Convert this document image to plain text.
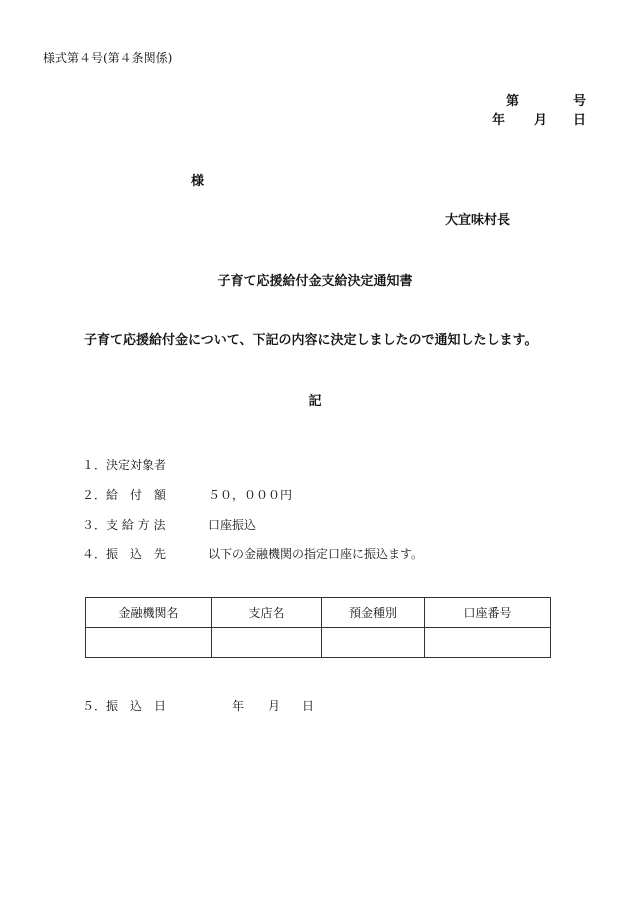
様式第４号(第４条関係)
第	号
年 月 日
様
大宜味村長
子育て応援給付金支給決定通知書
子育て応援給付金について、下記の内容に決定しましたので通知したします。
記
１．決定対象者
２．給　付　額	５０，０００円
３．支 給 方 法	口座振込
４．振　込　先	以下の金融機関の指定口座に振込ます。
金融機関名	支店名	預金種別	口座番号

５．振　込　日	年 月 日
